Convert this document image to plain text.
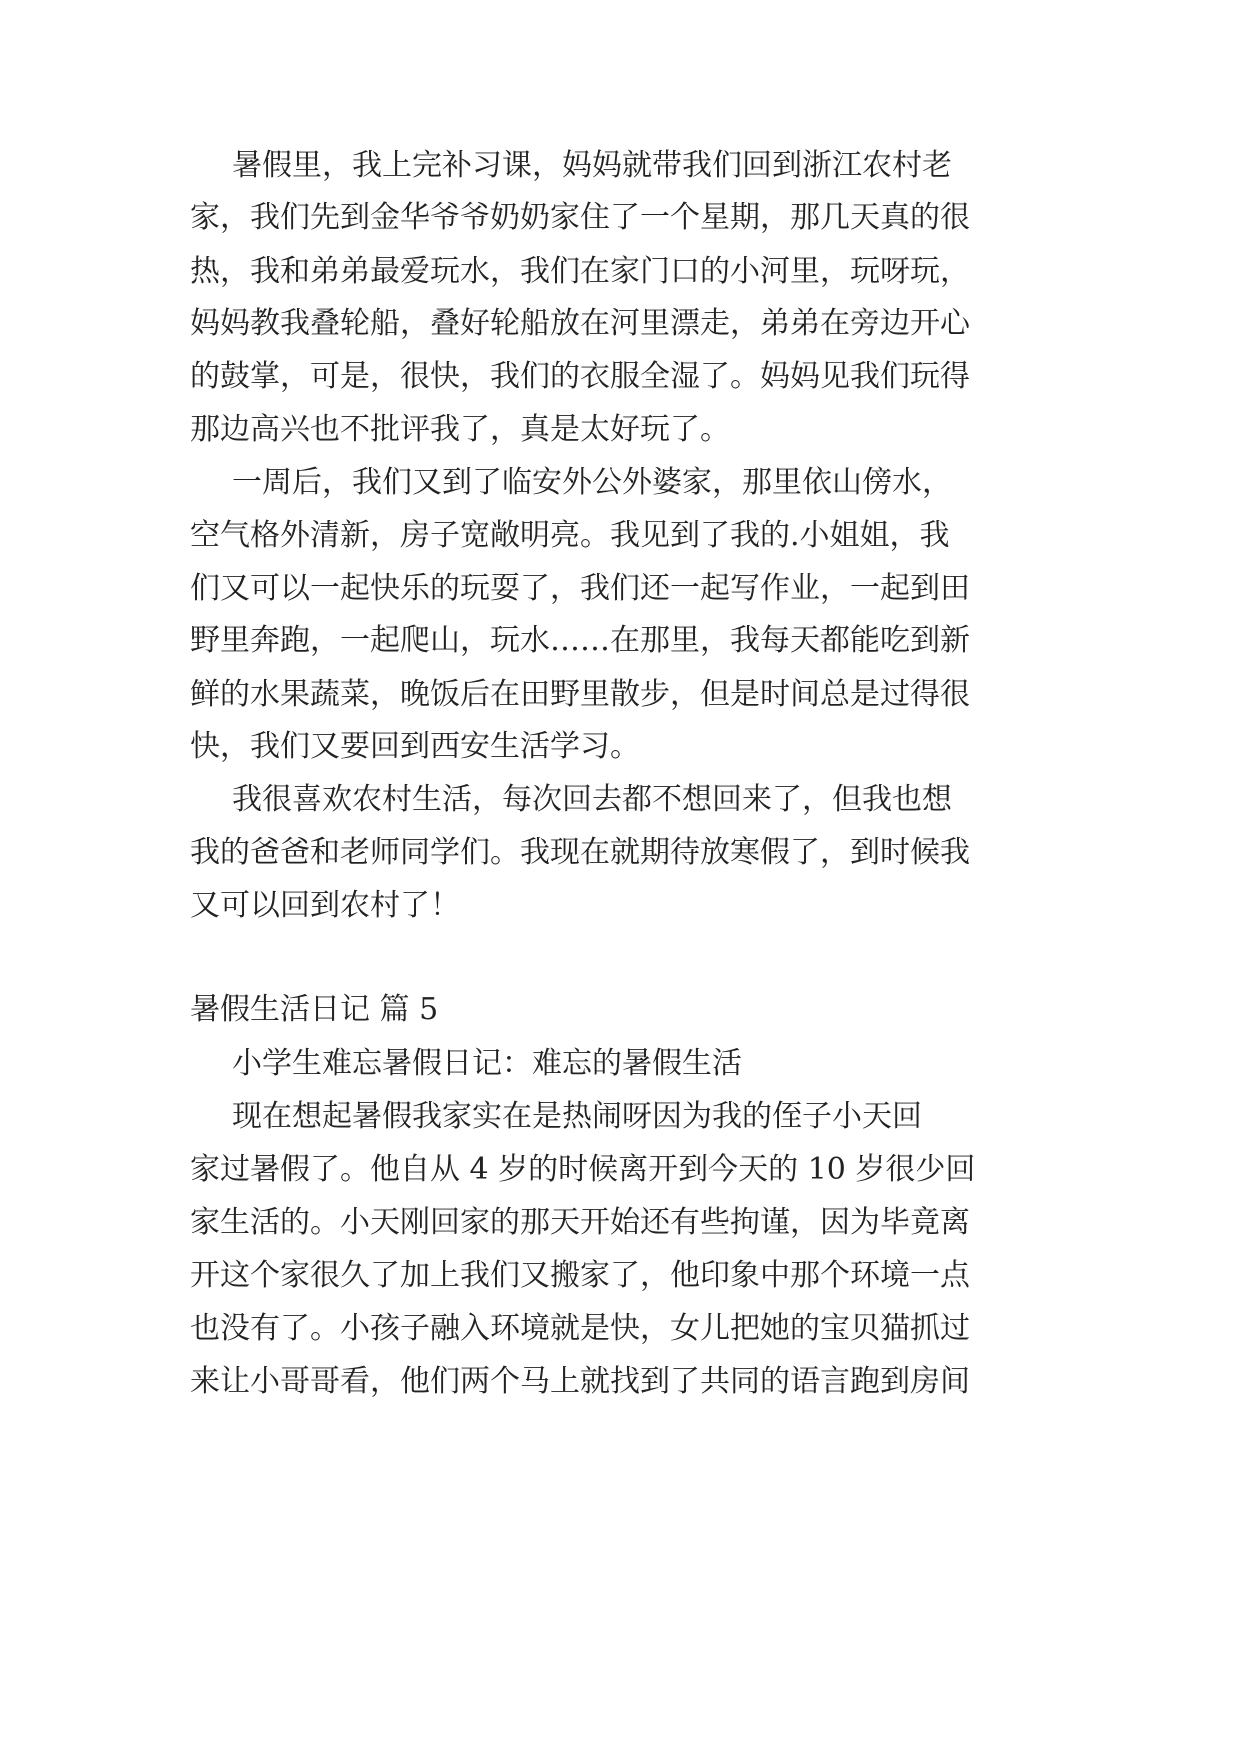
暑假里，我上完补习课，妈妈就带我们回到浙江农村老

家，我们先到金华爷爷奶奶家住了一个星期，那几天真的很

热，我和弟弟最爱玩水，我们在家门口的小河里，玩呀玩，

妈妈教我叠轮船，叠好轮船放在河里漂走，弟弟在旁边开心

的鼓掌，可是，很快，我们的衣服全湿了。妈妈见我们玩得

那边高兴也不批评我了，真是太好玩了。

一周后，我们又到了临安外公外婆家，那里依山傍水，

空气格外清新，房子宽敞明亮。我见到了我的.小姐姐，我

们又可以一起快乐的玩耍了，我们还一起写作业，一起到田

野里奔跑，一起爬山，玩水……在那里，我每天都能吃到新

鲜的水果蔬菜，晚饭后在田野里散步，但是时间总是过得很

快，我们又要回到西安生活学习。

我很喜欢农村生活，每次回去都不想回来了，但我也想

我的爸爸和老师同学们。我现在就期待放寒假了，到时候我

又可以回到农村了！

暑假生活日记 篇 5

小学生难忘暑假日记：难忘的暑假生活

现在想起暑假我家实在是热闹呀因为我的侄子小天回

家过暑假了。他自从 4 岁的时候离开到今天的 10 岁很少回

家生活的。小天刚回家的那天开始还有些拘谨，因为毕竟离

开这个家很久了加上我们又搬家了，他印象中那个环境一点

也没有了。小孩子融入环境就是快，女儿把她的宝贝猫抓过

来让小哥哥看，他们两个马上就找到了共同的语言跑到房间
